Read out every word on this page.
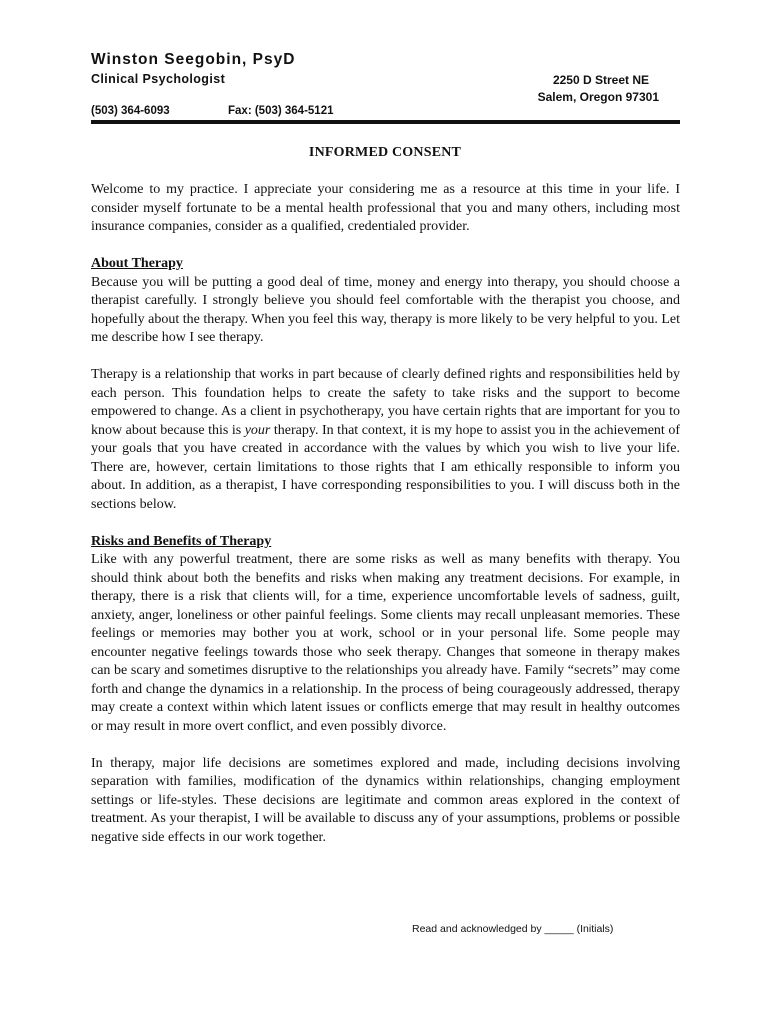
Winston Seegobin, PsyD
Clinical Psychologist	2250 D Street NE
Salem, Oregon 97301
(503) 364-6093	Fax: (503) 364-5121
INFORMED CONSENT

Welcome to my practice. I appreciate your considering me as a resource at this time in your life. I consider myself fortunate to be a mental health professional that you and many others, including most insurance companies, consider as a qualified, credentialed provider.

About Therapy

Because you will be putting a good deal of time, money and energy into therapy, you should choose a therapist carefully. I strongly believe you should feel comfortable with the therapist you choose, and hopefully about the therapy. When you feel this way, therapy is more likely to be very helpful to you. Let me describe how I see therapy.

Therapy is a relationship that works in part because of clearly defined rights and responsibilities held by each person. This foundation helps to create the safety to take risks and the support to become empowered to change. As a client in psychotherapy, you have certain rights that are important for you to know about because this is your therapy. In that context, it is my hope to assist you in the achievement of your goals that you have created in accordance with the values by which you wish to live your life. There are, however, certain limitations to those rights that I am ethically responsible to inform you about. In addition, as a therapist, I have corresponding responsibilities to you. I will discuss both in the sections below.

Risks and Benefits of Therapy

Like with any powerful treatment, there are some risks as well as many benefits with therapy. You should think about both the benefits and risks when making any treatment decisions. For example, in therapy, there is a risk that clients will, for a time, experience uncomfortable levels of sadness, guilt, anxiety, anger, loneliness or other painful feelings. Some clients may recall unpleasant memories. These feelings or memories may bother you at work, school or in your personal life. Some people may encounter negative feelings towards those who seek therapy. Changes that someone in therapy makes can be scary and sometimes disruptive to the relationships you already have. Family “secrets” may come forth and change the dynamics in a relationship. In the process of being courageously addressed, therapy may create a context within which latent issues or conflicts emerge that may result in healthy outcomes or may result in more overt conflict, and even possibly divorce.

In therapy, major life decisions are sometimes explored and made, including decisions involving separation with families, modification of the dynamics within relationships, changing employment settings or life-styles. These decisions are legitimate and common areas explored in the context of treatment. As your therapist, I will be available to discuss any of your assumptions, problems or possible negative side effects in our work together.

Read and acknowledged by _____ (Initials)
